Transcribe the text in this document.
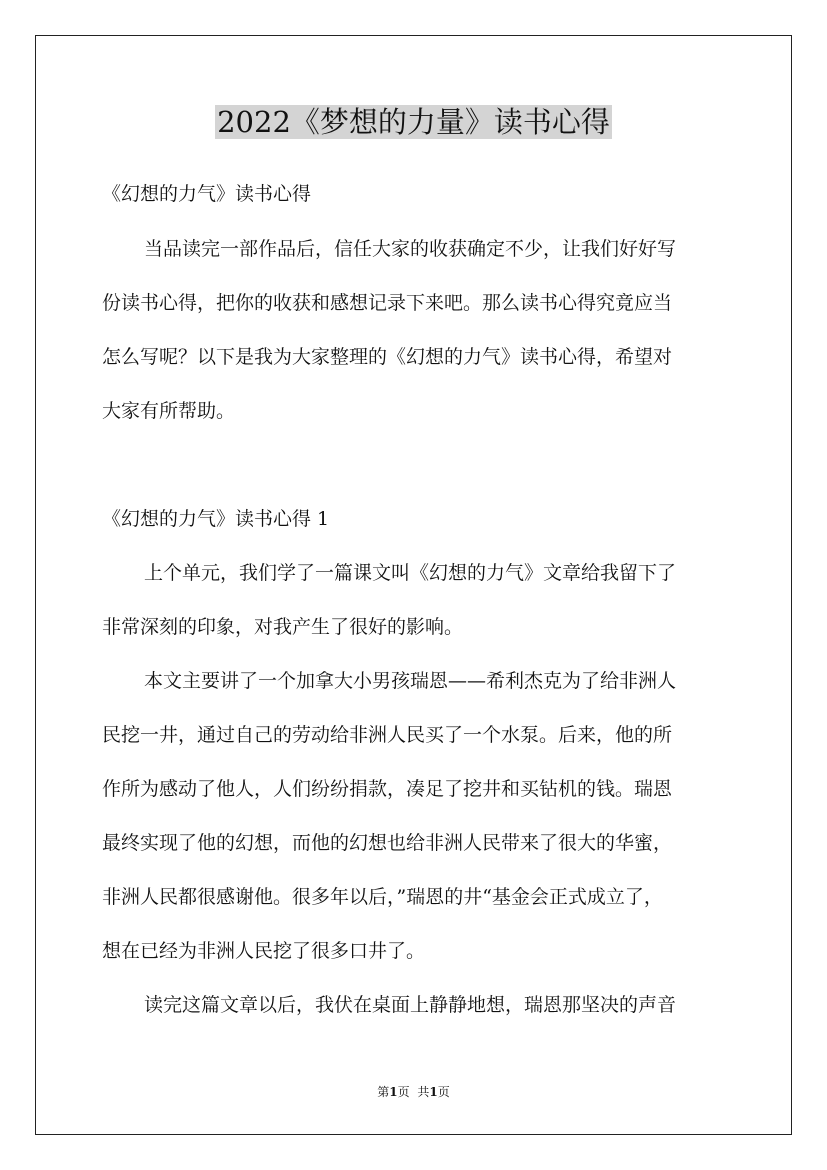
2022《梦想的力量》读书心得
《幻想的力气》读书心得
当品读完一部作品后，信任大家的收获确定不少，让我们好好写
份读书心得，把你的收获和感想记录下来吧。那么读书心得究竟应当
怎么写呢？以下是我为大家整理的《幻想的力气》读书心得，希望对
大家有所帮助。
《幻想的力气》读书心得 1
上个单元，我们学了一篇课文叫《幻想的力气》文章给我留下了
非常深刻的印象，对我产生了很好的影响。
本文主要讲了一个加拿大小男孩瑞恩——希利杰克为了给非洲人
民挖一井，通过自己的劳动给非洲人民买了一个水泵。后来，他的所
作所为感动了他人，人们纷纷捐款，凑足了挖井和买钻机的钱。瑞恩
最终实现了他的幻想，而他的幻想也给非洲人民带来了很大的华蜜，
非洲人民都很感谢他。很多年以后，”瑞恩的井“基金会正式成立了，
想在已经为非洲人民挖了很多口井了。
读完这篇文章以后，我伏在桌面上静静地想，瑞恩那坚决的声音
第1页 共1页
